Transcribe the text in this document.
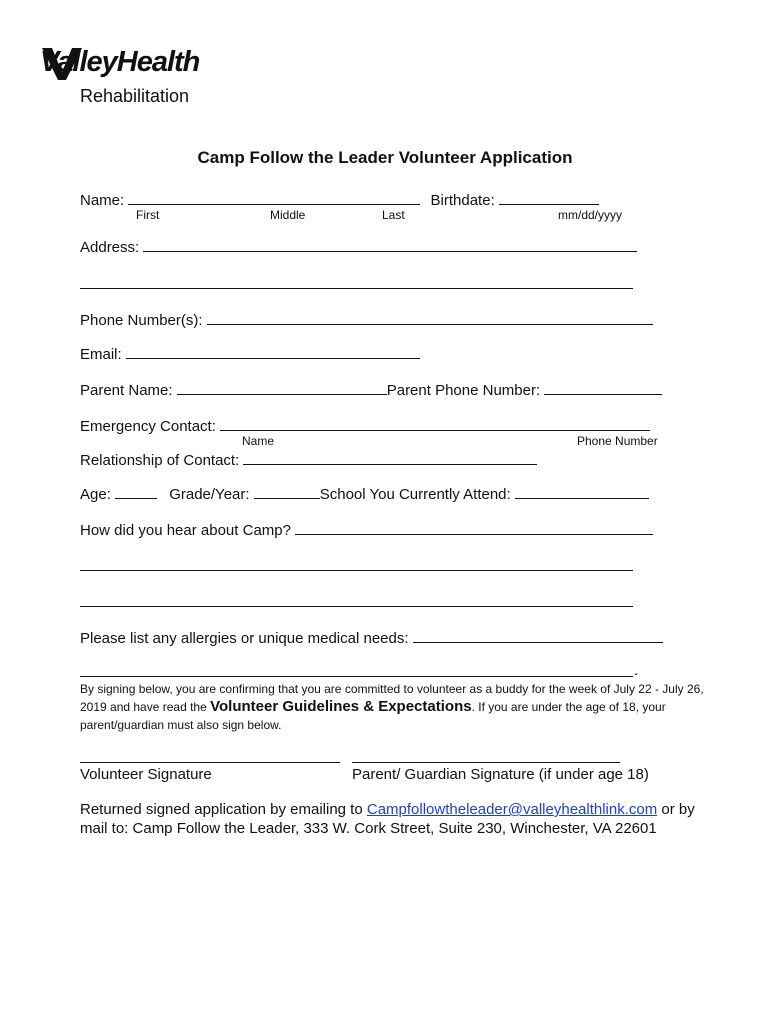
ValleyHealth
Rehabilitation
Camp Follow the Leader Volunteer Application
Name:	Birthdate:
First	Middle	Last	mm/dd/yyyy
Address:
Phone Number(s):
Email:
Parent Name:	Parent Phone Number:
Emergency Contact:
Name	Phone Number
Relationship of Contact:
Age:	Grade/Year:	School You Currently Attend:
How did you hear about Camp?
Please list any allergies or unique medical needs:
.
By signing below, you are confirming that you are committed to volunteer as a buddy for the week of July 22 - July 26, 2019 and have read the Volunteer Guidelines & Expectations. If you are under the age of 18, your parent/guardian must also sign below.
Volunteer Signature	Parent/ Guardian Signature (if under age 18)
Returned signed application by emailing to Campfollowtheleader@valleyhealthlink.com or by mail to: Camp Follow the Leader, 333 W. Cork Street, Suite 230, Winchester, VA 22601
